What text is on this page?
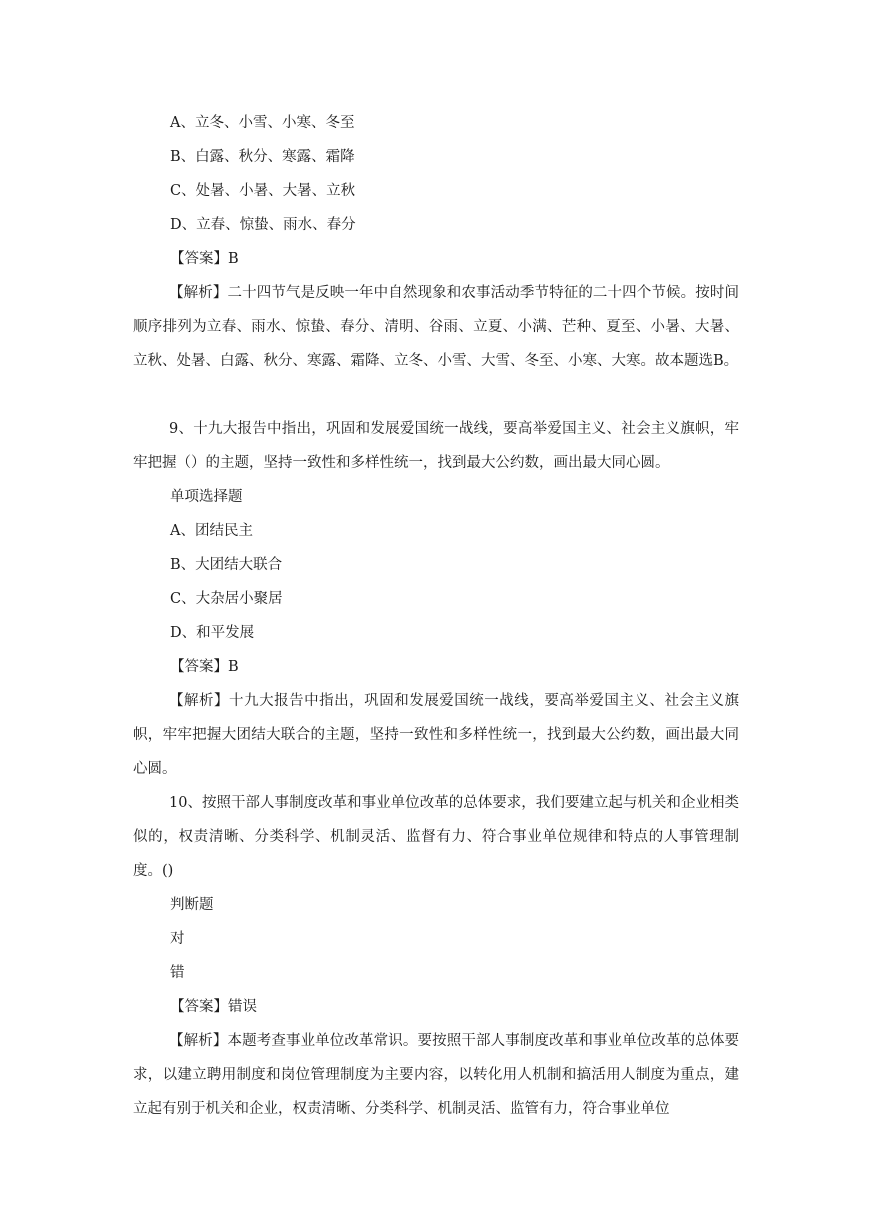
A、立冬、小雪、小寒、冬至
B、白露、秋分、寒露、霜降
C、处暑、小暑、大暑、立秋
D、立春、惊蛰、雨水、春分
【答案】B
【解析】二十四节气是反映一年中自然现象和农事活动季节特征的二十四个节候。按时间顺序排列为立春、雨水、惊蛰、春分、清明、谷雨、立夏、小满、芒种、夏至、小暑、大暑、立秋、处暑、白露、秋分、寒露、霜降、立冬、小雪、大雪、冬至、小寒、大寒。故本题选B。
9、十九大报告中指出，巩固和发展爱国统一战线，要高举爱国主义、社会主义旗帜，牢牢把握（）的主题，坚持一致性和多样性统一，找到最大公约数，画出最大同心圆。
单项选择题
A、团结民主
B、大团结大联合
C、大杂居小聚居
D、和平发展
【答案】B
【解析】十九大报告中指出，巩固和发展爱国统一战线，要高举爱国主义、社会主义旗帜，牢牢把握大团结大联合的主题，坚持一致性和多样性统一，找到最大公约数，画出最大同心圆。
10、按照干部人事制度改革和事业单位改革的总体要求，我们要建立起与机关和企业相类似的，权责清晰、分类科学、机制灵活、监督有力、符合事业单位规律和特点的人事管理制度。()
判断题
对
错
【答案】错误
【解析】本题考查事业单位改革常识。要按照干部人事制度改革和事业单位改革的总体要求，以建立聘用制度和岗位管理制度为主要内容，以转化用人机制和搞活用人制度为重点，建立起有别于机关和企业，权责清晰、分类科学、机制灵活、监管有力，符合事业单位
